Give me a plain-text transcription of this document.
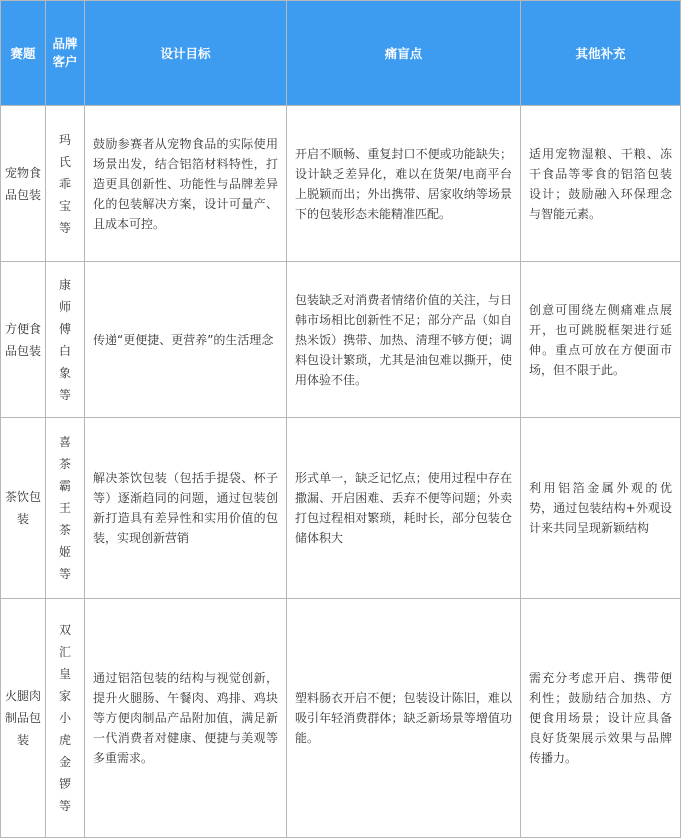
赛题	品牌客户	设计目标	痛盲点	其他补充
宠物食品包装	玛氏乖宝等	鼓励参赛者从宠物食品的实际使用场景出发，结合铝箔材料特性，打造更具创新性、功能性与品牌差异化的包装解决方案，设计可量产、且成本可控。	开启不顺畅、重复封口不便或功能缺失；设计缺乏差异化，难以在货架/电商平台上脱颖而出；外出携带、居家收纳等场景下的包装形态未能精准匹配。	适用宠物湿粮、干粮、冻干食品等零食的铝箔包装设计；鼓励融入环保理念与智能元素。
方便食品包装	康师傅白象等	传递“更便捷、更营养”的生活理念	包装缺乏对消费者情绪价值的关注，与日韩市场相比创新性不足；部分产品（如自热米饭）携带、加热、清理不够方便；调料包设计繁琐，尤其是油包难以撕开，使用体验不佳。	创意可围绕左侧痛难点展开，也可跳脱框架进行延伸。重点可放在方便面市场，但不限于此。
茶饮包装	喜茶霸王茶姬等	解决茶饮包装（包括手提袋、杯子等）逐渐趋同的问题，通过包装创新打造具有差异性和实用价值的包装，实现创新营销	形式单一，缺乏记忆点；使用过程中存在撒漏、开启困难、丢弃不便等问题；外卖打包过程相对繁琐，耗时长，部分包装仓储体积大	利用铝箔金属外观的优势，通过包装结构+外观设计来共同呈现新颖结构
火腿肉制品包装	双汇皇家小虎金锣等	通过铝箔包装的结构与视觉创新，提升火腿肠、午餐肉、鸡排、鸡块等方便肉制品产品附加值，满足新一代消费者对健康、便捷与美观等多重需求。	塑料肠衣开启不便；包装设计陈旧，难以吸引年轻消费群体；缺乏新场景等增值功能。	需充分考虑开启、携带便利性；鼓励结合加热、方便食用场景；设计应具备良好货架展示效果与品牌传播力。
